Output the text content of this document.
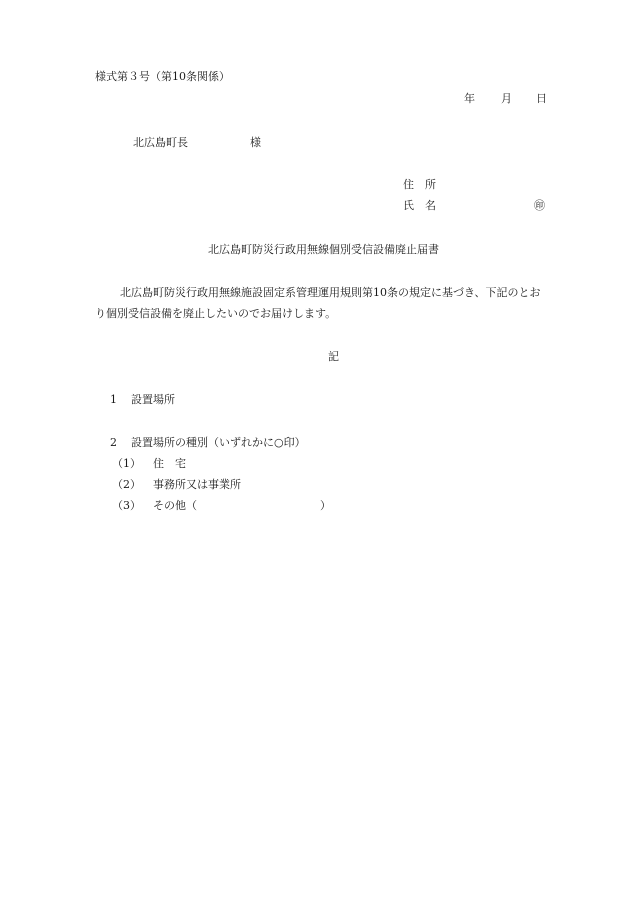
様式第３号（第10条関係）
年 月 日
北広島町長	様
住　所
氏　名	㊞
北広島町防災行政用無線個別受信設備廃止届書
北広島町防災行政用無線施設固定系管理運用規則第10条の規定に基づき、下記のとお
り個別受信設備を廃止したいのでお届けします。
記
1 設置場所
2 設置場所の種別（いずれかに○印）
（1） 住　宅
（2） 事務所又は事業所
（3） その他（	）
